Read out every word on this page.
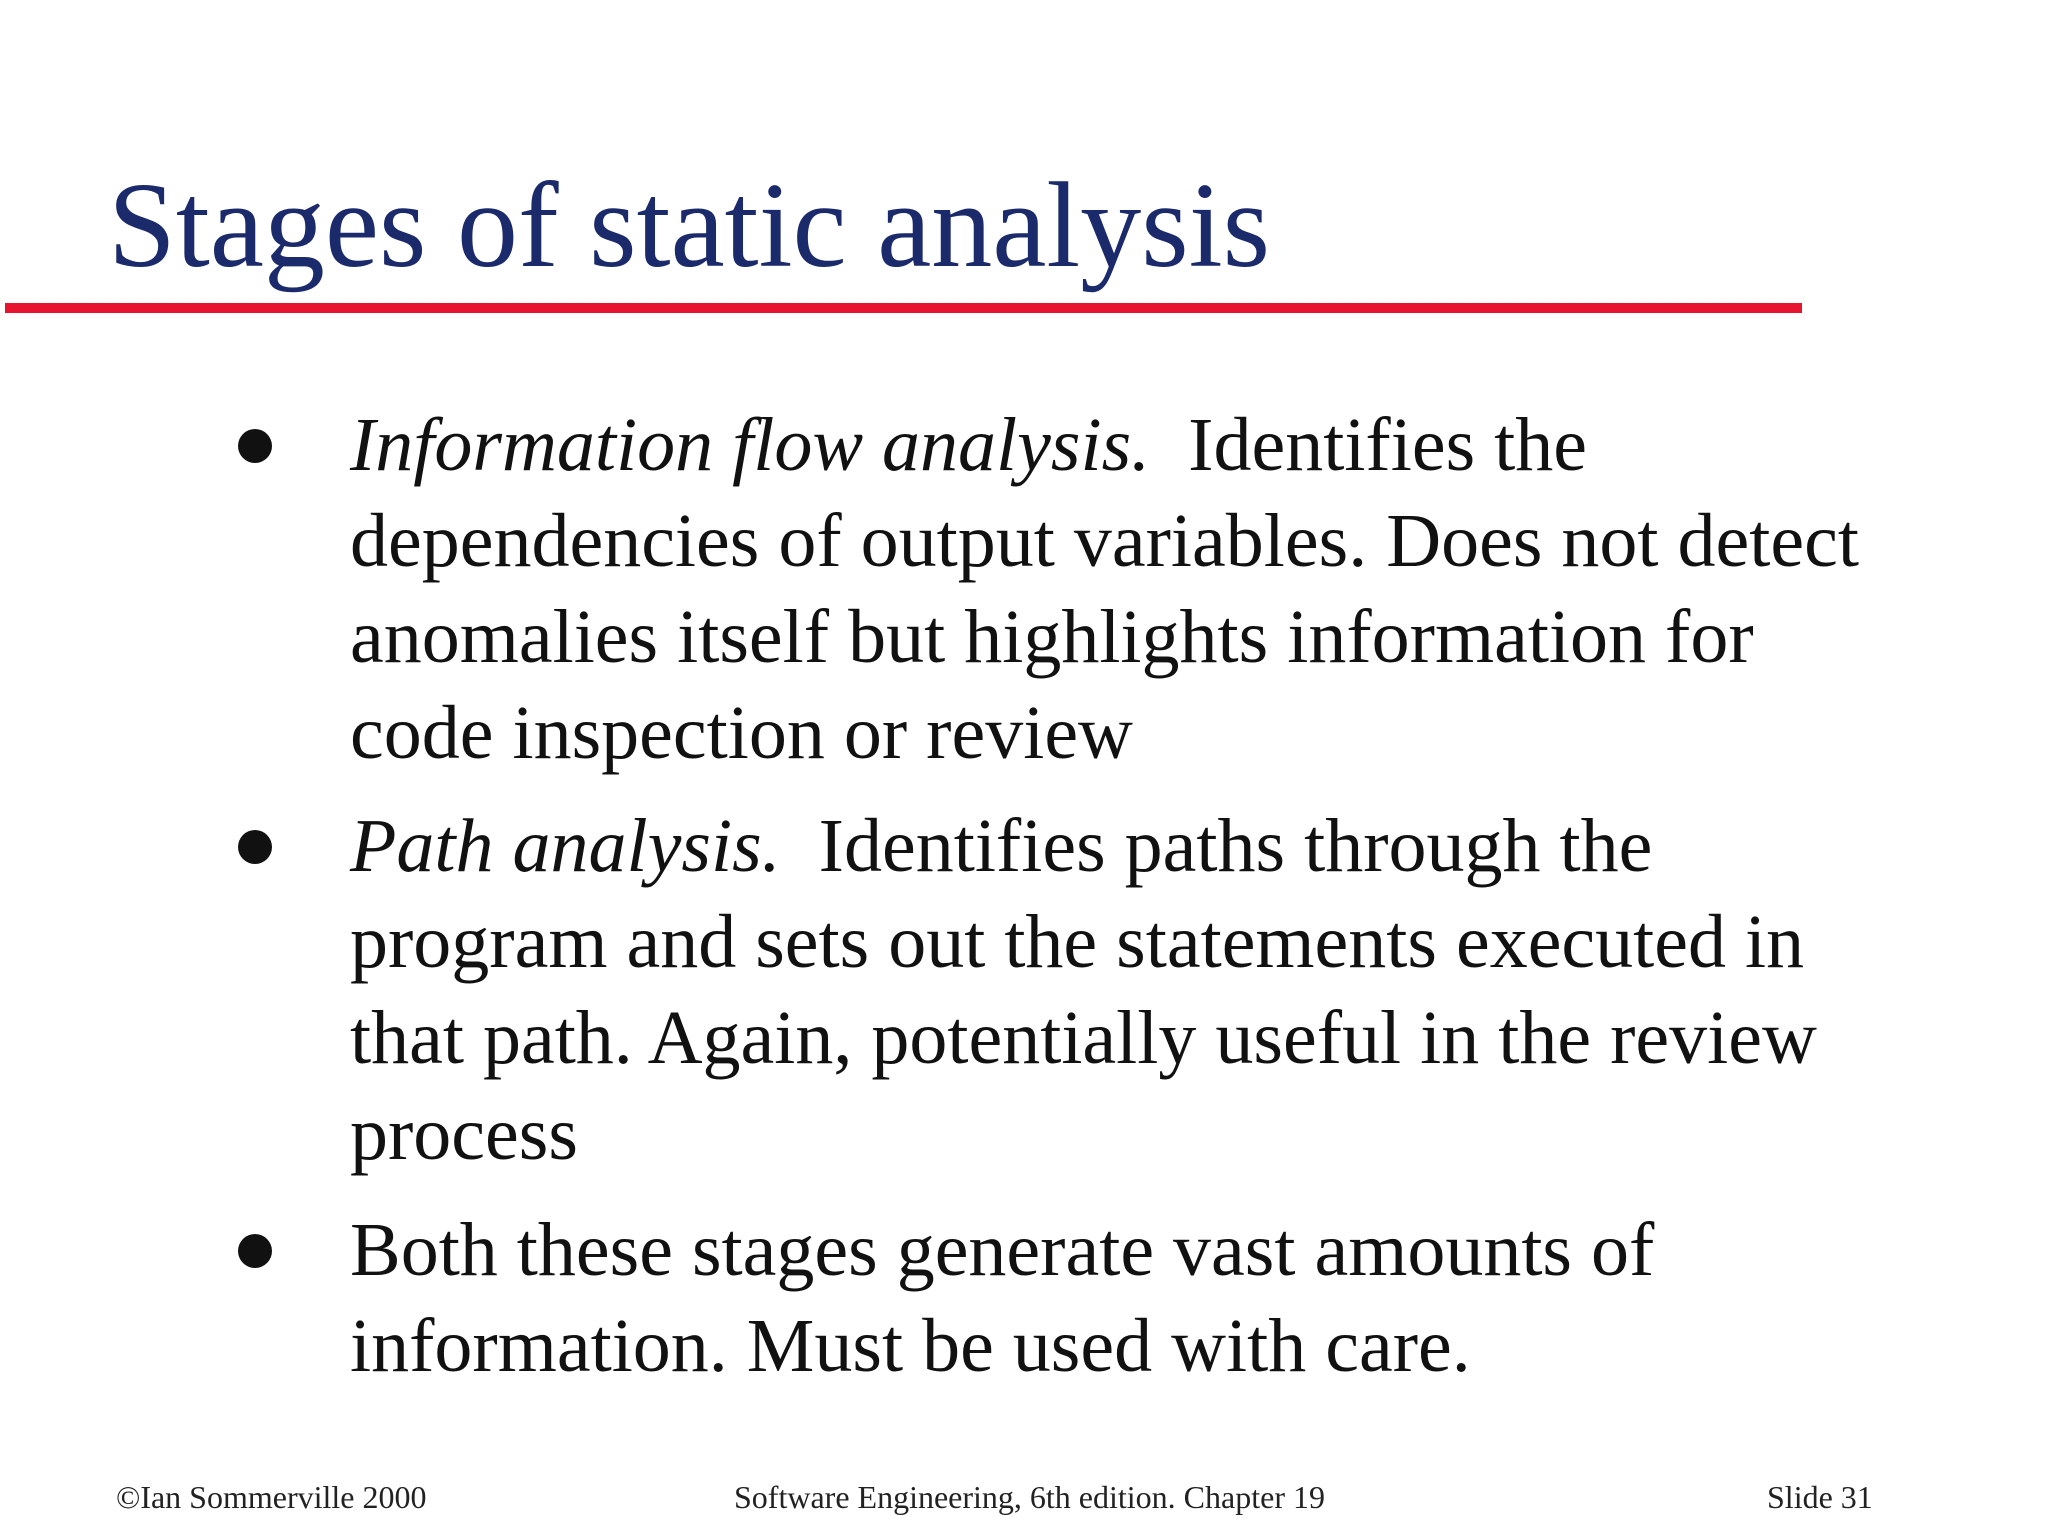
Stages of static analysis
Information flow analysis. Identifies the dependencies of output variables. Does not detect anomalies itself but highlights information for code inspection or review
Path analysis. Identifies paths through the program and sets out the statements executed in that path. Again, potentially useful in the review process
Both these stages generate vast amounts of information. Must be used with care.
©Ian Sommerville 2000	Software Engineering, 6th edition. Chapter 19	Slide 31
